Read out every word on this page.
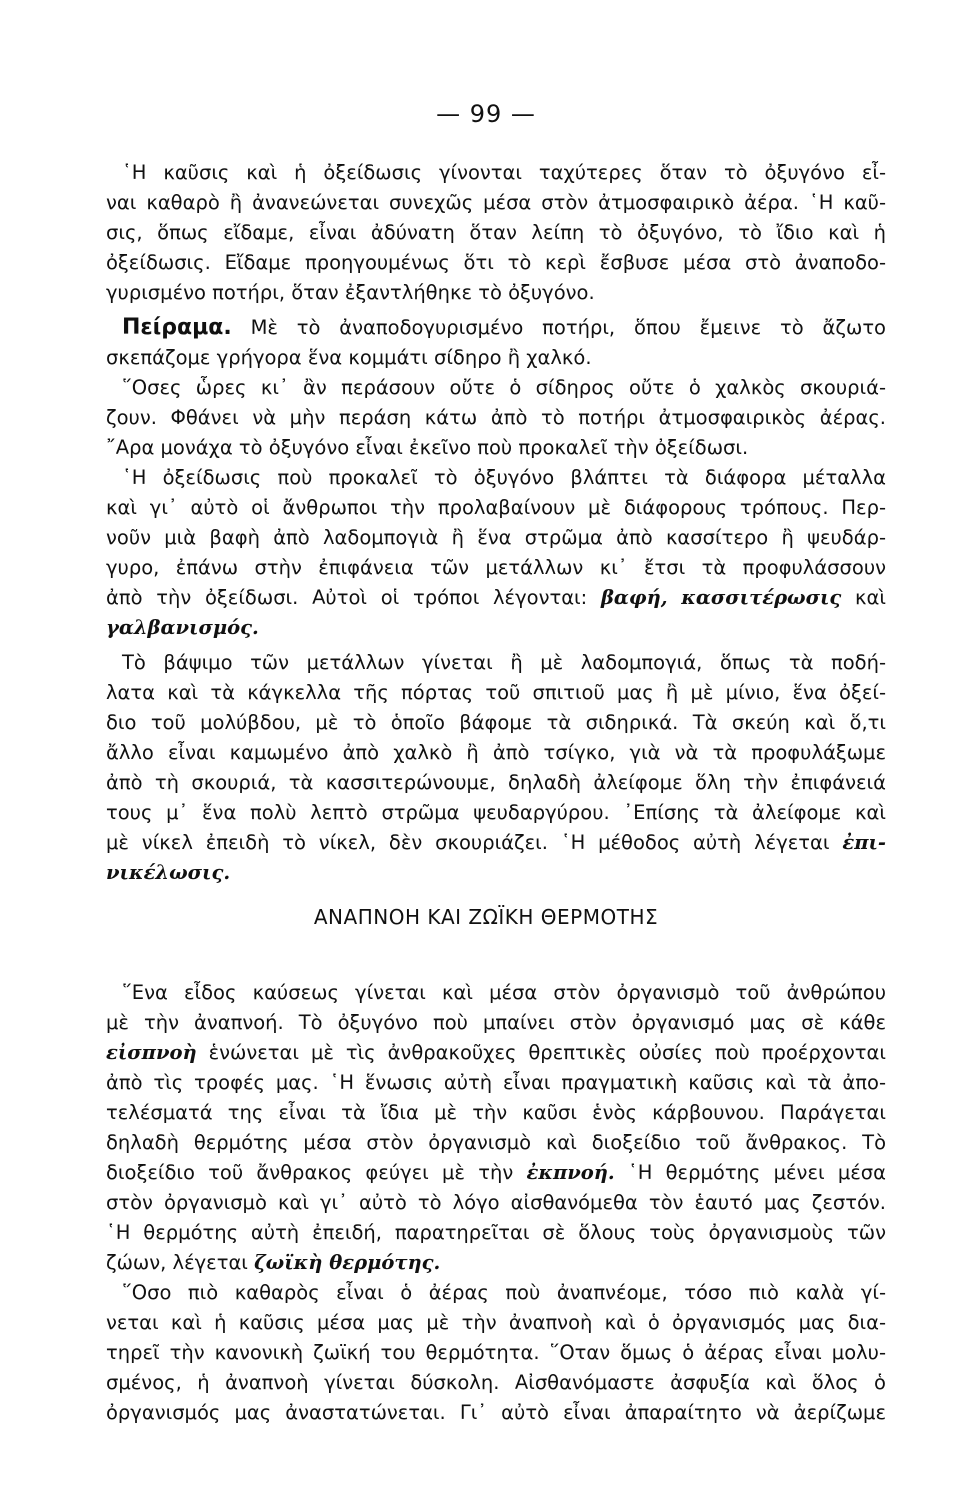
— 99 —
῾Η καῦσις καὶ ἡ ὀξείδωσις γίνονται ταχύτερες ὅταν τὸ ὀξυγόνο εἶ-
ναι καθαρὸ ἢ ἀνανεώνεται συνεχῶς μέσα στὸν ἀτμοσφαιρικὸ ἀέρα. ῾Η καῦ-
σις, ὅπως εἴδαμε, εἶναι ἀδύνατη ὅταν λείπη τὸ ὀξυγόνο, τὸ ἴδιο καὶ ἡ
ὀξείδωσις. Εἴδαμε προηγουμένως ὅτι τὸ κερὶ ἔσβυσε μέσα στὸ ἀναποδο-
γυρισμένο ποτήρι, ὅταν ἐξαντλήθηκε τὸ ὀξυγόνο.
Πείραμα. Μὲ τὸ ἀναποδογυρισμένο ποτήρι, ὅπου ἔμεινε τὸ ἄζωτο
σκεπάζομε γρήγορα ἕνα κομμάτι σίδηρο ἢ χαλκό.
῞Οσες ὧρες κι᾽ ἂν περάσουν οὔτε ὁ σίδηρος οὔτε ὁ χαλκὸς σκουριά-
ζουν. Φθάνει νὰ μὴν περάση κάτω ἀπὸ τὸ ποτήρι ἀτμοσφαιρικὸς ἀέρας.
῎Αρα μονάχα τὸ ὀξυγόνο εἶναι ἐκεῖνο ποὺ προκαλεῖ τὴν ὀξείδωσι.
῾Η ὀξείδωσις ποὺ προκαλεῖ τὸ ὀξυγόνο βλάπτει τὰ διάφορα μέταλλα
καὶ γι᾽ αὐτὸ οἱ ἄνθρωποι τὴν προλαβαίνουν μὲ διάφορους τρόπους. Περ-
νοῦν μιὰ βαφὴ ἀπὸ λαδομπογιὰ ἢ ἕνα στρῶμα ἀπὸ κασσίτερο ἢ ψευδάρ-
γυρο, ἐπάνω στὴν ἐπιφάνεια τῶν μετάλλων κι᾽ ἔτσι τὰ προφυλάσσουν
ἀπὸ τὴν ὀξείδωσι. Αὐτοὶ οἱ τρόποι λέγονται: βαφή, κασσιτέρωσις καὶ
γαλβανισμός.
Τὸ βάψιμο τῶν μετάλλων γίνεται ἢ μὲ λαδομπογιά, ὅπως τὰ ποδή-
λατα καὶ τὰ κάγκελλα τῆς πόρτας τοῦ σπιτιοῦ μας ἢ μὲ μίνιο, ἕνα ὀξεί-
διο τοῦ μολύβδου, μὲ τὸ ὁποῖο βάφομε τὰ σιδηρικά. Τὰ σκεύη καὶ ὅ,τι
ἄλλο εἶναι καμωμένο ἀπὸ χαλκὸ ἢ ἀπὸ τσίγκο, γιὰ νὰ τὰ προφυλάξωμε
ἀπὸ τὴ σκουριά, τὰ κασσιτερώνουμε, δηλαδὴ ἀλείφομε ὅλη τὴν ἐπιφάνειά
τους μ᾽ ἕνα πολὺ λεπτὸ στρῶμα ψευδαργύρου. ᾽Επίσης τὰ ἀλείφομε καὶ
μὲ νίκελ ἐπειδὴ τὸ νίκελ, δὲν σκουριάζει. ῾Η μέθοδος αὐτὴ λέγεται ἐπι-
νικέλωσις.
ΑΝΑΠΝΟΗ ΚΑΙ ΖΩΪΚΗ ΘΕΡΜΟΤΗΣ
῞Ενα εἶδος καύσεως γίνεται καὶ μέσα στὸν ὀργανισμὸ τοῦ ἀνθρώπου
μὲ τὴν ἀναπνοή. Τὸ ὀξυγόνο ποὺ μπαίνει στὸν ὀργανισμό μας σὲ κάθε
εἰσπνοὴ ἑνώνεται μὲ τὶς ἀνθρακοῦχες θρεπτικὲς οὐσίες ποὺ προέρχονται
ἀπὸ τὶς τροφές μας. ῾Η ἕνωσις αὐτὴ εἶναι πραγματικὴ καῦσις καὶ τὰ ἀπο-
τελέσματά της εἶναι τὰ ἴδια μὲ τὴν καῦσι ἑνὸς κάρβουνου. Παράγεται
δηλαδὴ θερμότης μέσα στὸν ὀργανισμὸ καὶ διοξείδιο τοῦ ἄνθρακος. Τὸ
διοξείδιο τοῦ ἄνθρακος φεύγει μὲ τὴν ἐκπνοή. ῾Η θερμότης μένει μέσα
στὸν ὀργανισμὸ καὶ γι᾽ αὐτὸ τὸ λόγο αἰσθανόμεθα τὸν ἑαυτό μας ζεστόν.
῾Η θερμότης αὐτὴ ἐπειδή, παρατηρεῖται σὲ ὅλους τοὺς ὀργανισμοὺς τῶν
ζώων, λέγεται ζωϊκὴ θερμότης.
῞Οσο πιὸ καθαρὸς εἶναι ὁ ἀέρας ποὺ ἀναπνέομε, τόσο πιὸ καλὰ γί-
νεται καὶ ἡ καῦσις μέσα μας μὲ τὴν ἀναπνοὴ καὶ ὁ ὀργανισμός μας δια-
τηρεῖ τὴν κανονικὴ ζωϊκή του θερμότητα. ῞Οταν ὅμως ὁ ἀέρας εἶναι μολυ-
σμένος, ἡ ἀναπνοὴ γίνεται δύσκολη. Αἰσθανόμαστε ἀσφυξία καὶ ὅλος ὁ
ὀργανισμός μας ἀναστατώνεται. Γι᾽ αὐτὸ εἶναι ἀπαραίτητο νὰ ἀερίζωμε
